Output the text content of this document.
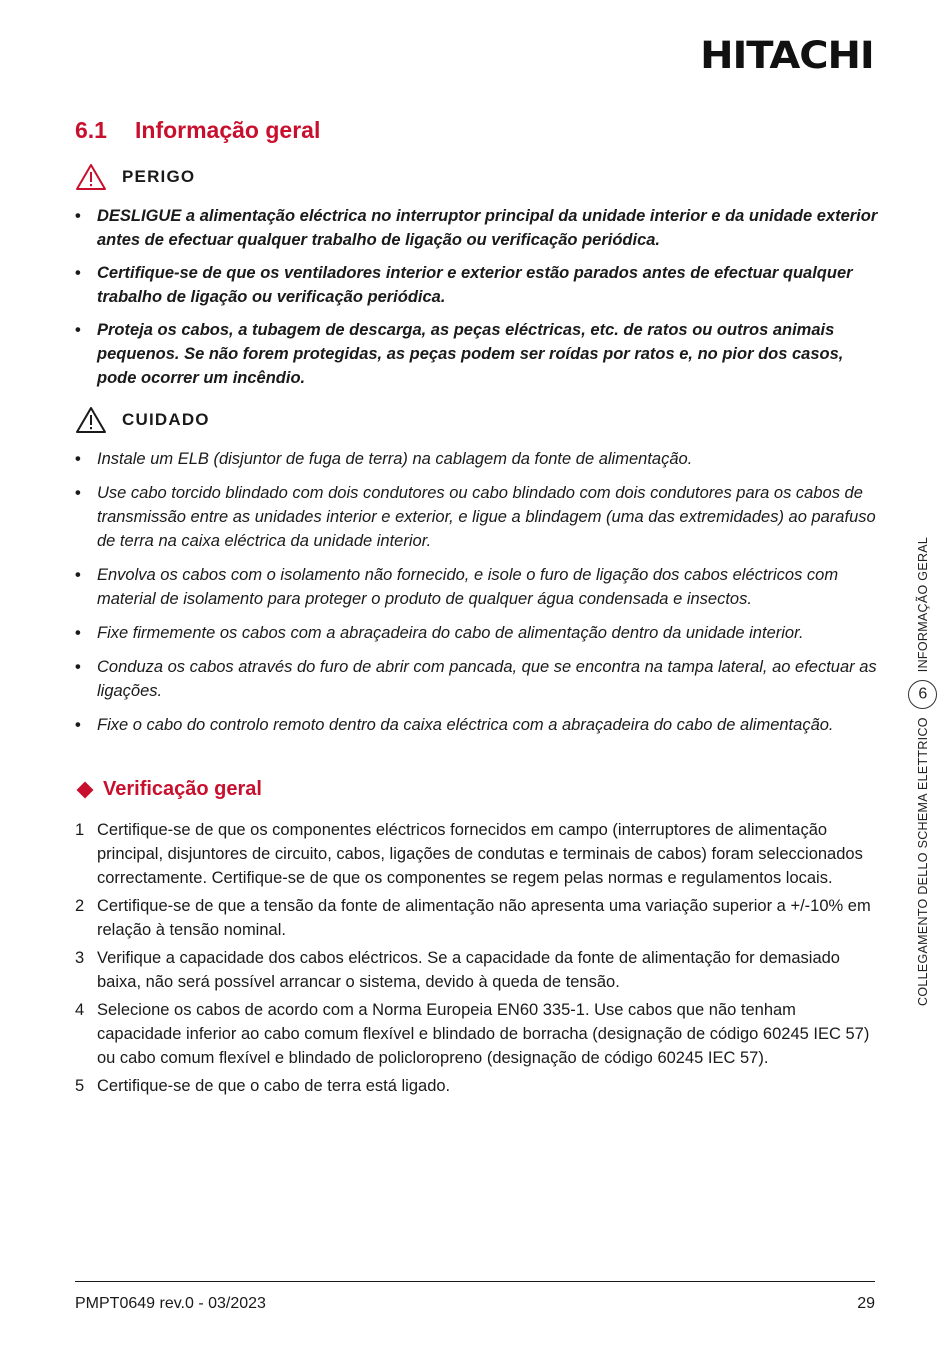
HITACHI
6.1 Informação geral
PERIGO
• DESLIGUE a alimentação eléctrica no interruptor principal da unidade interior e da unidade exterior antes de efectuar qualquer trabalho de ligação ou verificação periódica.
• Certifique-se de que os ventiladores interior e exterior estão parados antes de efectuar qualquer trabalho de ligação ou verificação periódica.
• Proteja os cabos, a tubagem de descarga, as peças eléctricas, etc. de ratos ou outros animais pequenos. Se não forem protegidas, as peças podem ser roídas por ratos e, no pior dos casos, pode ocorrer um incêndio.
CUIDADO
• Instale um ELB (disjuntor de fuga de terra) na cablagem da fonte de alimentação.
• Use cabo torcido blindado com dois condutores ou cabo blindado com dois condutores para os cabos de transmissão entre as unidades interior e exterior, e ligue a blindagem (uma das extremidades) ao parafuso de terra na caixa eléctrica da unidade interior.
• Envolva os cabos com o isolamento não fornecido, e isole o furo de ligação dos cabos eléctricos com material de isolamento para proteger o produto de qualquer água condensada e insectos.
• Fixe firmemente os cabos com a abraçadeira do cabo de alimentação dentro da unidade interior.
• Conduza os cabos através do furo de abrir com pancada, que se encontra na tampa lateral, ao efectuar as ligações.
• Fixe o cabo do controlo remoto dentro da caixa eléctrica com a abraçadeira do cabo de alimentação.
Verificação geral
1 Certifique-se de que os componentes eléctricos fornecidos em campo (interruptores de alimentação principal, disjuntores de circuito, cabos, ligações de condutas e terminais de cabos) foram seleccionados correctamente. Certifique-se de que os componentes se regem pelas normas e regulamentos locais.
2 Certifique-se de que a tensão da fonte de alimentação não apresenta uma variação superior a +/-10% em relação à tensão nominal.
3 Verifique a capacidade dos cabos eléctricos. Se a capacidade da fonte de alimentação for demasiado baixa, não será possível arrancar o sistema, devido à queda de tensão.
4 Selecione os cabos de acordo com a Norma Europeia EN60 335-1. Use cabos que não tenham capacidade inferior ao cabo comum flexível e blindado de borracha (designação de código 60245 IEC 57) ou cabo comum flexível e blindado de policloropreno (designação de código 60245 IEC 57).
5 Certifique-se de que o cabo de terra está ligado.
COLLEGAMENTO DELLO SCHEMA ELETTRICO
6
INFORMAÇÃO GERAL
PMPT0649 rev.0 - 03/2023	29
